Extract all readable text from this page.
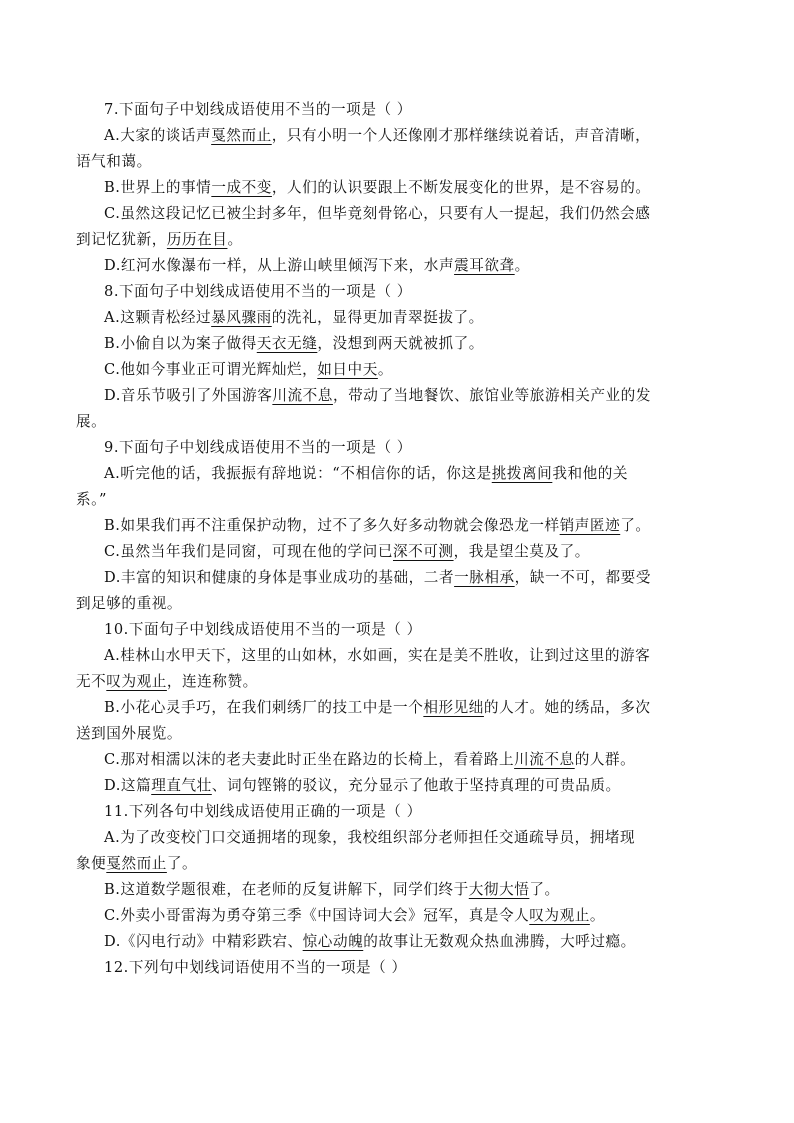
7.下面句子中划线成语使用不当的一项是（ ）
A.大家的谈话声戛然而止，只有小明一个人还像刚才那样继续说着话，声音清晰，
语气和蔼。
B.世界上的事情一成不变，人们的认识要跟上不断发展变化的世界，是不容易的。
C.虽然这段记忆已被尘封多年，但毕竟刻骨铭心，只要有人一提起，我们仍然会感
到记忆犹新，历历在目。
D.红河水像瀑布一样，从上游山峡里倾泻下来，水声震耳欲聋。
8.下面句子中划线成语使用不当的一项是（ ）
A.这颗青松经过暴风骤雨的洗礼，显得更加青翠挺拔了。
B.小偷自以为案子做得天衣无缝，没想到两天就被抓了。
C.他如今事业正可谓光辉灿烂，如日中天。
D.音乐节吸引了外国游客川流不息，带动了当地餐饮、旅馆业等旅游相关产业的发
展。
9.下面句子中划线成语使用不当的一项是（ ）
A.听完他的话，我振振有辞地说：“不相信你的话，你这是挑拨离间我和他的关
系。”
B.如果我们再不注重保护动物，过不了多久好多动物就会像恐龙一样销声匿迹了。
C.虽然当年我们是同窗，可现在他的学问已深不可测，我是望尘莫及了。
D.丰富的知识和健康的身体是事业成功的基础，二者一脉相承，缺一不可，都要受
到足够的重视。
10.下面句子中划线成语使用不当的一项是（ ）
A.桂林山水甲天下，这里的山如林，水如画，实在是美不胜收，让到过这里的游客
无不叹为观止，连连称赞。
B.小花心灵手巧，在我们刺绣厂的技工中是一个相形见绌的人才。她的绣品，多次
送到国外展览。
C.那对相濡以沫的老夫妻此时正坐在路边的长椅上，看着路上川流不息的人群。
D.这篇理直气壮、词句铿锵的驳议，充分显示了他敢于坚持真理的可贵品质。
11.下列各句中划线成语使用正确的一项是（ ）
A.为了改变校门口交通拥堵的现象，我校组织部分老师担任交通疏导员，拥堵现
象便戛然而止了。
B.这道数学题很难，在老师的反复讲解下，同学们终于大彻大悟了。
C.外卖小哥雷海为勇夺第三季《中国诗词大会》冠军，真是令人叹为观止。
D.《闪电行动》中精彩跌宕、惊心动魄的故事让无数观众热血沸腾，大呼过瘾。
12.下列句中划线词语使用不当的一项是（ ）
